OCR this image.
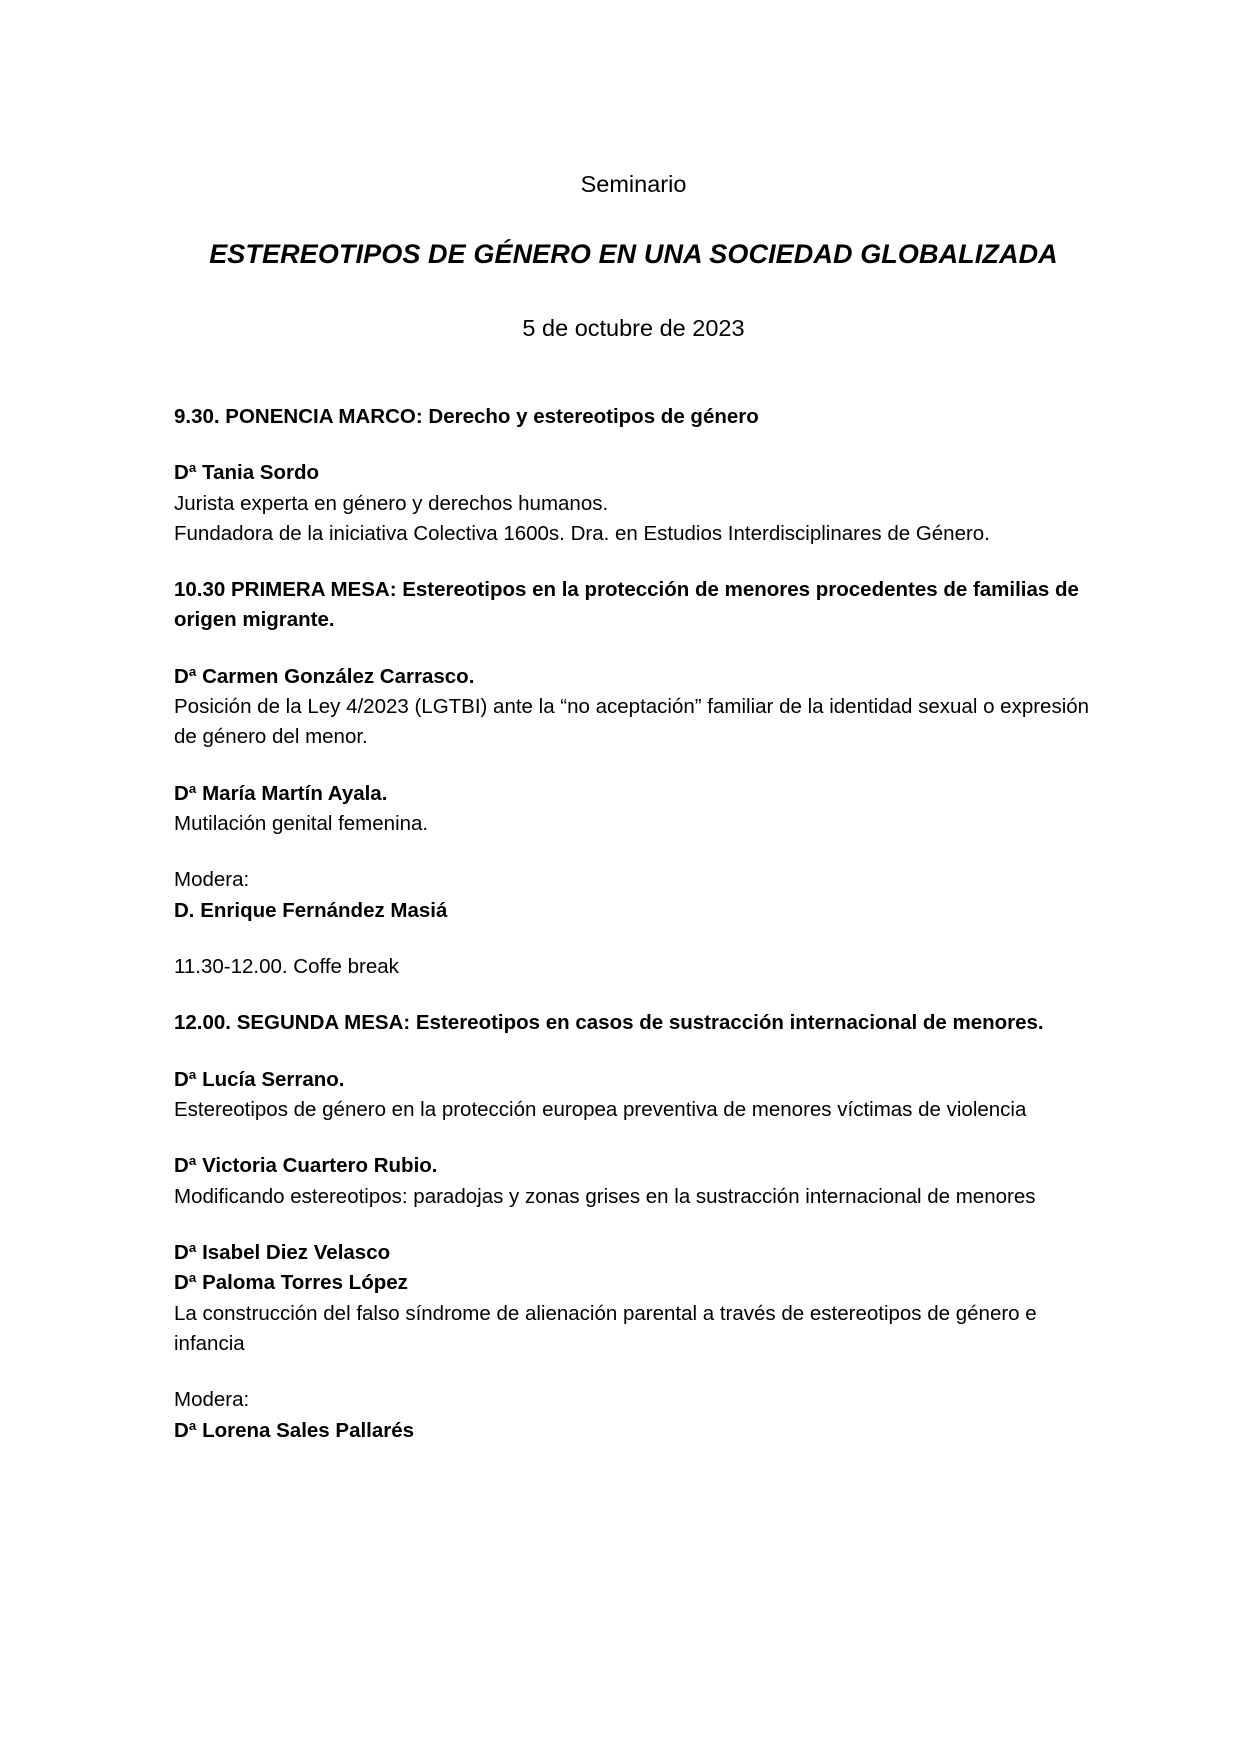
Seminario
ESTEREOTIPOS DE GÉNERO EN UNA SOCIEDAD GLOBALIZADA
5 de octubre de 2023

9.30. PONENCIA MARCO: Derecho y estereotipos de género

Dª Tania Sordo

Jurista experta en género y derechos humanos.

Fundadora de la iniciativa Colectiva 1600s. Dra. en Estudios Interdisciplinares de Género.

10.30 PRIMERA MESA: Estereotipos en la protección de menores procedentes de familias de origen migrante.

Dª Carmen González Carrasco.

Posición de la Ley 4/2023 (LGTBI) ante la “no aceptación” familiar de la identidad sexual o expresión de género del menor.

Dª María Martín Ayala.

Mutilación genital femenina.

Modera:

D. Enrique Fernández Masiá

11.30-12.00. Coffe break

12.00. SEGUNDA MESA: Estereotipos en casos de sustracción internacional de menores.

Dª Lucía Serrano.

Estereotipos de género en la protección europea preventiva de menores víctimas de violencia

Dª Victoria Cuartero Rubio.

Modificando estereotipos: paradojas y zonas grises en la sustracción internacional de menores

Dª Isabel Diez Velasco

Dª Paloma Torres López

La construcción del falso síndrome de alienación parental a través de estereotipos de género e infancia

Modera:

Dª Lorena Sales Pallarés
